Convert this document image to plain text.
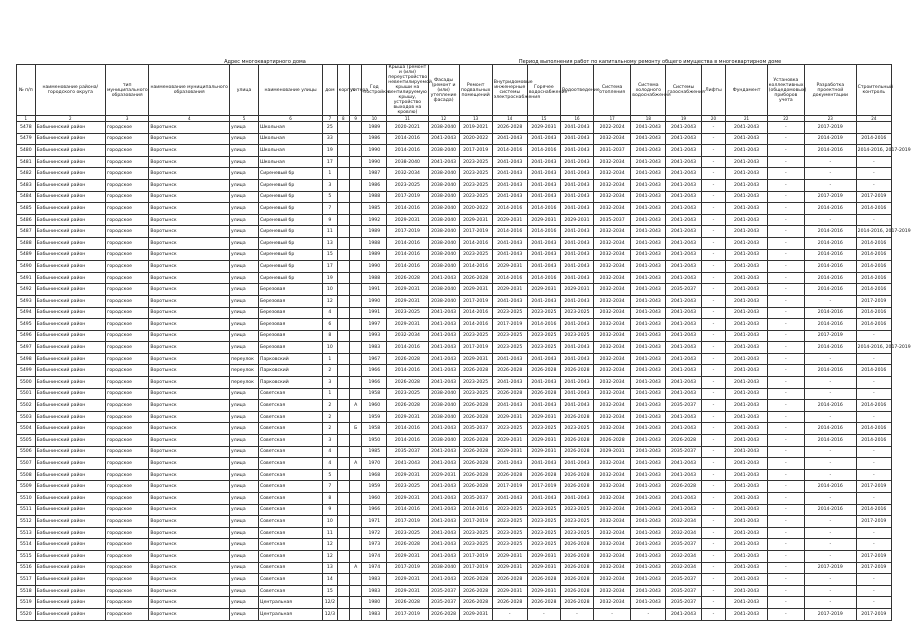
Адрес многоквартирного дома	Период выполнения работ по капитальному ремонту общего имущества в многоквартирном доме
№ п/п	наименование района/городского округа	тип муниципального образования	наименование муниципального образования	улица	наименование улицы	дом	корпус	литера	Год постройки	Крыша (ремонт и (или) переустройство невентилируемой крыши на вентилируемую крышу, устройство выходов на кровлю)	Фасады (ремонт и (или) утепление фасада)	Ремонт подвальных помещений	Внутридомовые инженерные системы электроснабжения	Горячее водоснабжение	Водоотведение	Система отопления	Система холодного водоснабжения	Системы газоснабжения	Лифты	Фундамент	Установка коллективных (общедомовых) приборов учета	Разработка проектной документации	Строительный контроль
1	2	3	4	5	6	7	8	9	10	11	12	13	14	15	16	17	18	19	20	21	22	23	24
5478	Бабынинский район	городское	Воротынск	улица	Школьная	25			1989	2020-2021	2038-2040	2019-2021	2026-2028	2029-2031	2041-2043	2022-2024	2041-2043	2041-2043	-	2041-2043	-	2017-2019	
5479	Бабынинский район	городское	Воротынск	улица	Школьная	33			1986	2014-2016	2041-2043	2020-2022	2041-2043	2041-2043	2041-2043	2032-2034	2041-2043	2041-2043	-	2041-2043	-	2014-2019	2014-2016
5480	Бабынинский район	городское	Воротынск	улица	Школьная	19			1990	2014-2016	2038-2040	2017-2019	2014-2016	2014-2016	2041-2043	2031-2037	2041-2043	2041-2043	-	2041-2043	-	2014-2016	2014-2016, 2017-2019
5481	Бабынинский район	городское	Воротынск	улица	Школьная	17			1990	2038-2040	2041-2043	2023-2025	2041-2043	2041-2043	2041-2043	2032-2034	2041-2043	2041-2043	-	2041-2043	-	-	-
5482	Бабынинский район	городское	Воротынск	улица	Сиреневый бр	1			1987	2032-2034	2038-2040	2023-2025	2041-2043	2041-2043	2041-2043	2032-2034	2041-2043	2041-2043	-	2041-2043	-	-	-
5483	Бабынинский район	городское	Воротынск	улица	Сиреневый бр	3			1986	2023-2025	2038-2040	2023-2025	2041-2043	2041-2043	2041-2043	2032-2034	2041-2043	2041-2043	-	2041-2043	-	-	-
5484	Бабынинский район	городское	Воротынск	улица	Сиреневый бр	5			1988	2017-2019	2038-2040	2023-2025	2041-2043	2041-2043	2041-2043	2032-2034	2041-2043	2041-2043	-	2041-2043	-	2017-2019	2017-2019
5485	Бабынинский район	городское	Воротынск	улица	Сиреневый бр	7			1985	2014-2016	2038-2040	2020-2022	2014-2016	2014-2016	2041-2043	2032-2034	2041-2043	2041-2043	-	2041-2043	-	2014-2016	2014-2016
5486	Бабынинский район	городское	Воротынск	улица	Сиреневый бр	9			1992	2029-2031	2038-2040	2029-2031	2029-2031	2029-2031	2029-2031	2035-2037	2041-2043	2041-2043	-	2041-2043	-	-	-
5487	Бабынинский район	городское	Воротынск	улица	Сиреневый бр	11			1989	2017-2019	2038-2040	2017-2019	2014-2016	2014-2016	2041-2043	2032-2034	2041-2043	2041-2043	-	2041-2043	-	2014-2016	2014-2016, 2017-2019
5488	Бабынинский район	городское	Воротынск	улица	Сиреневый бр	13			1988	2014-2016	2038-2040	2014-2016	2041-2043	2041-2043	2041-2043	2032-2034	2041-2043	2041-2043	-	2041-2043	-	2014-2016	2014-2016
5489	Бабынинский район	городское	Воротынск	улица	Сиреневый бр	15			1989	2014-2016	2038-2040	2023-2025	2041-2043	2041-2043	2041-2043	2032-2034	2041-2043	2041-2043	-	2041-2043	-	2014-2016	2014-2016
5490	Бабынинский район	городское	Воротынск	улица	Сиреневый бр	17			1990	2014-2016	2038-2040	2014-2016	2029-2031	2041-2043	2041-2043	2032-2034	2041-2043	2041-2043	-	2041-2043	-	2014-2016	2014-2016
5491	Бабынинский район	городское	Воротынск	улица	Сиреневый бр	19			1988	2026-2028	2041-2043	2026-2028	2014-2016	2014-2016	2041-2043	2032-2034	2041-2043	2041-2043	-	2041-2043	-	2014-2016	2014-2016
5492	Бабынинский район	городское	Воротынск	улица	Березовая	10			1991	2029-2031	2038-2040	2029-2031	2029-2031	2029-2031	2029-2031	2032-2034	2041-2043	2035-2037	-	2041-2043	-	2014-2016	2014-2016
5493	Бабынинский район	городское	Воротынск	улица	Березовая	12			1990	2029-2031	2038-2040	2017-2019	2041-2043	2041-2043	2041-2043	2032-2034	2041-2043	2041-2043	-	2041-2043	-	-	2017-2019
5494	Бабынинский район	городское	Воротынск	улица	Березовая	4			1991	2023-2025	2041-2043	2014-2016	2023-2025	2023-2025	2023-2025	2032-2034	2041-2043	2041-2043	-	2041-2043	-	2014-2016	2014-2016
5495	Бабынинский район	городское	Воротынск	улица	Березовая	6			1997	2029-2031	2041-2043	2014-2016	2017-2019	2014-2016	2041-2043	2032-2034	2041-2043	2041-2043	-	2041-2043	-	2014-2016	2014-2016
5496	Бабынинский район	городское	Воротынск	улица	Березовая	8			1993	2032-2034	2041-2043	2023-2025	2023-2025	2023-2025	2023-2025	2032-2034	2041-2043	2041-2043	-	2041-2043	-	2017-2019	-
5497	Бабынинский район	городское	Воротынск	улица	Березовая	10			1983	2014-2016	2041-2043	2017-2019	2023-2025	2023-2025	2041-2043	2032-2034	2041-2043	2041-2043	-	2041-2043	-	2014-2016	2014-2016, 2017-2019
5498	Бабынинский район	городское	Воротынск	переулок	Парковский	1			1967	2026-2028	2041-2043	2029-2031	2041-2043	2041-2043	2041-2043	2032-2034	2041-2043	2041-2043	-	2041-2043	-	-	-
5499	Бабынинский район	городское	Воротынск	переулок	Парковский	2			1966	2014-2016	2041-2043	2026-2028	2026-2028	2026-2028	2026-2028	2032-2034	2041-2043	2041-2043	-	2041-2043	-	2014-2016	2014-2016
5500	Бабынинский район	городское	Воротынск	переулок	Парковский	3			1966	2026-2028	2041-2043	2023-2025	2041-2043	2041-2043	2041-2043	2032-2034	2041-2043	2041-2043	-	2041-2043	-	-	-
5501	Бабынинский район	городское	Воротынск	улица	Советская	1			1958	2023-2025	2038-2040	2023-2025	2026-2028	2026-2028	2041-2043	2032-2034	2041-2043	2041-2043	-	2041-2043	-	-	-
5502	Бабынинский район	городское	Воротынск	улица	Советская	2		А	1960	2026-2028	2038-2040	2026-2028	2041-2043	2041-2043	2041-2043	2032-2034	2041-2043	2035-2037	-	2041-2043	-	2014-2016	2014-2016
5503	Бабынинский район	городское	Воротынск	улица	Советская	2			1959	2029-2031	2038-2040	2026-2028	2029-2031	2029-2031	2026-2028	2032-2034	2041-2043	2041-2043	-	2041-2043	-	-	-
5504	Бабынинский район	городское	Воротынск	улица	Советская	2		Б	1958	2014-2016	2041-2043	2035-2037	2023-2025	2023-2025	2023-2025	2032-2034	2041-2043	2041-2043	-	2041-2043	-	2014-2016	2014-2016
5505	Бабынинский район	городское	Воротынск	улица	Советская	3			1950	2014-2016	2038-2040	2026-2028	2029-2031	2029-2031	2026-2028	2026-2028	2041-2043	2026-2028	-	2041-2043	-	2014-2016	2014-2016
5506	Бабынинский район	городское	Воротынск	улица	Советская	4			1985	2035-2037	2041-2043	2026-2028	2029-2031	2029-2031	2026-2028	2029-2031	2041-2043	2035-2037	-	2041-2043	-	-	-
5507	Бабынинский район	городское	Воротынск	улица	Советская	4		А	1970	2041-2043	2041-2043	2026-2028	2041-2043	2041-2043	2041-2043	2032-2034	2041-2043	2041-2043	-	2041-2043	-	-	-
5508	Бабынинский район	городское	Воротынск	улица	Советская	5			1968	2029-2031	2029-2031	2026-2028	2026-2028	2026-2028	2026-2028	2032-2034	2041-2043	2041-2043	-	2041-2043	-	-	-
5509	Бабынинский район	городское	Воротынск	улица	Советская	7			1959	2023-2025	2041-2043	2026-2028	2017-2019	2017-2019	2026-2028	2032-2034	2041-2043	2026-2028	-	2041-2043	-	2014-2016	2017-2019
5510	Бабынинский район	городское	Воротынск	улица	Советская	8			1960	2029-2031	2041-2043	2035-2037	2041-2043	2041-2043	2041-2043	2032-2034	2041-2043	2041-2043	-	2041-2043	-	-	-
5511	Бабынинский район	городское	Воротынск	улица	Советская	9			1966	2014-2016	2041-2043	2014-2016	2023-2025	2023-2025	2023-2025	2032-2034	2041-2043	2041-2043	-	2041-2043	-	2014-2016	2014-2016
5512	Бабынинский район	городское	Воротынск	улица	Советская	10			1971	2017-2019	2041-2043	2017-2019	2023-2025	2023-2025	2023-2025	2032-2034	2041-2043	2032-2034	-	2041-2043	-	-	2017-2019
5513	Бабынинский район	городское	Воротынск	улица	Советская	11			1972	2023-2025	2041-2043	2023-2025	2023-2025	2023-2025	2023-2025	2032-2034	2041-2043	2032-2034	-	2041-2043	-	-	-
5514	Бабынинский район	городское	Воротынск	улица	Советская	12			1973	2026-2028	2041-2043	2023-2025	2023-2025	2023-2025	2026-2028	2032-2034	2041-2043	2035-2037	-	2041-2043	-	-	-
5515	Бабынинский район	городское	Воротынск	улица	Советская	12			1974	2029-2031	2041-2043	2017-2019	2029-2031	2029-2031	2026-2028	2032-2034	2041-2043	2032-2034	-	2041-2043	-	-	2017-2019
5516	Бабынинский район	городское	Воротынск	улица	Советская	13		А	1974	2017-2019	2038-2040	2017-2019	2029-2031	2029-2031	2026-2028	2032-2034	2041-2043	2032-2034	-	2041-2043	-	2017-2019	2017-2019
5517	Бабынинский район	городское	Воротынск	улица	Советская	14			1983	2029-2031	2041-2043	2026-2028	2026-2028	2026-2028	2026-2028	2032-2034	2041-2043	2035-2037	-	2041-2043	-	-	-
5518	Бабынинский район	городское	Воротынск	улица	Советская	15			1983	2029-2031	2035-2037	2026-2028	2029-2031	2029-2031	2026-2028	2032-2034	2041-2043	2035-2037	-	2041-2043	-	-	-
5519	Бабынинский район	городское	Воротынск	улица	Центральная	12/2			1980	2026-2028	2035-2037	2026-2028	2026-2028	2026-2028	2026-2028	2032-2034	2041-2043	2035-2037	-	2041-2043	-	-	-
5520	Бабынинский район	городское	Воротынск	улица	Центральная	12/3			1983	2017-2019	2026-2028	2029-2031	-	-	-	-	-	2041-2043	-	2041-2043	-	2017-2019	2017-2019
